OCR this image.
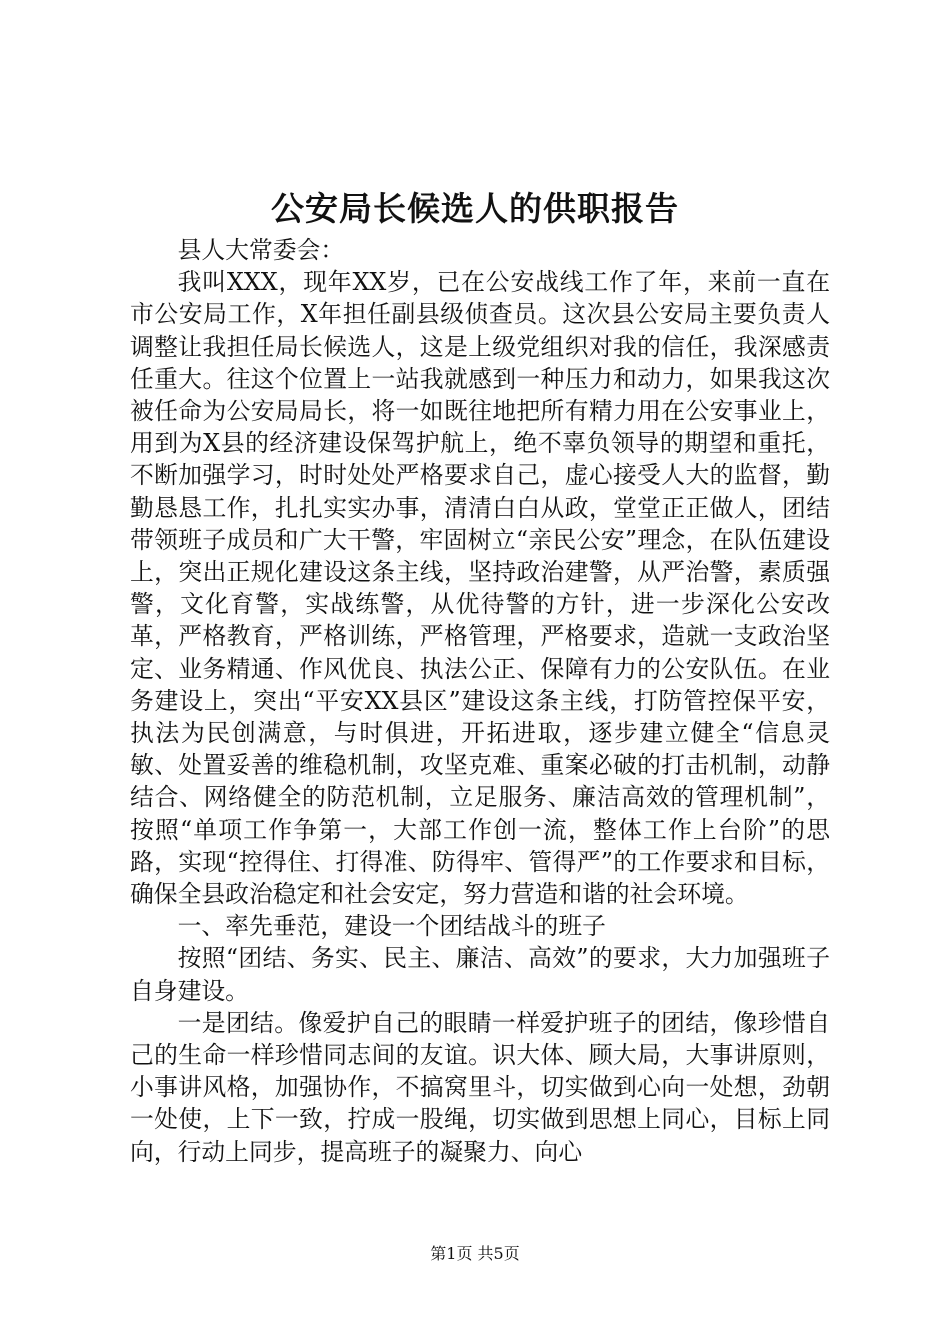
公安局长候选人的供职报告

县人大常委会：

我叫XXX，现年XX岁，已在公安战线工作了年，来前一直在市公安局工作，X年担任副县级侦查员。这次县公安局主要负责人调整让我担任局长候选人，这是上级党组织对我的信任，我深感责任重大。往这个位置上一站我就感到一种压力和动力，如果我这次被任命为公安局局长，将一如既往地把所有精力用在公安事业上，用到为X县的经济建设保驾护航上，绝不辜负领导的期望和重托，不断加强学习，时时处处严格要求自己，虚心接受人大的监督，勤勤恳恳工作，扎扎实实办事，清清白白从政，堂堂正正做人，团结带领班子成员和广大干警，牢固树立“亲民公安”理念，在队伍建设上，突出正规化建设这条主线，坚持政治建警，从严治警，素质强警，文化育警，实战练警，从优待警的方针，进一步深化公安改革，严格教育，严格训练，严格管理，严格要求，造就一支政治坚定、业务精通、作风优良、执法公正、保障有力的公安队伍。在业务建设上，突出“平安XX县区”建设这条主线，打防管控保平安，执法为民创满意，与时俱进，开拓进取，逐步建立健全“信息灵敏、处置妥善的维稳机制，攻坚克难、重案必破的打击机制，动静结合、网络健全的防范机制，立足服务、廉洁高效的管理机制”，按照“单项工作争第一，大部工作创一流，整体工作上台阶”的思路，实现“控得住、打得准、防得牢、管得严”的工作要求和目标，确保全县政治稳定和社会安定，努力营造和谐的社会环境。

一、率先垂范，建设一个团结战斗的班子

按照“团结、务实、民主、廉洁、高效”的要求，大力加强班子自身建设。

一是团结。像爱护自己的眼睛一样爱护班子的团结，像珍惜自己的生命一样珍惜同志间的友谊。识大体、顾大局，大事讲原则，小事讲风格，加强协作，不搞窝里斗，切实做到心向一处想，劲朝一处使，上下一致，拧成一股绳，切实做到思想上同心，目标上同向，行动上同步，提高班子的凝聚力、向心

第1页 共5页
